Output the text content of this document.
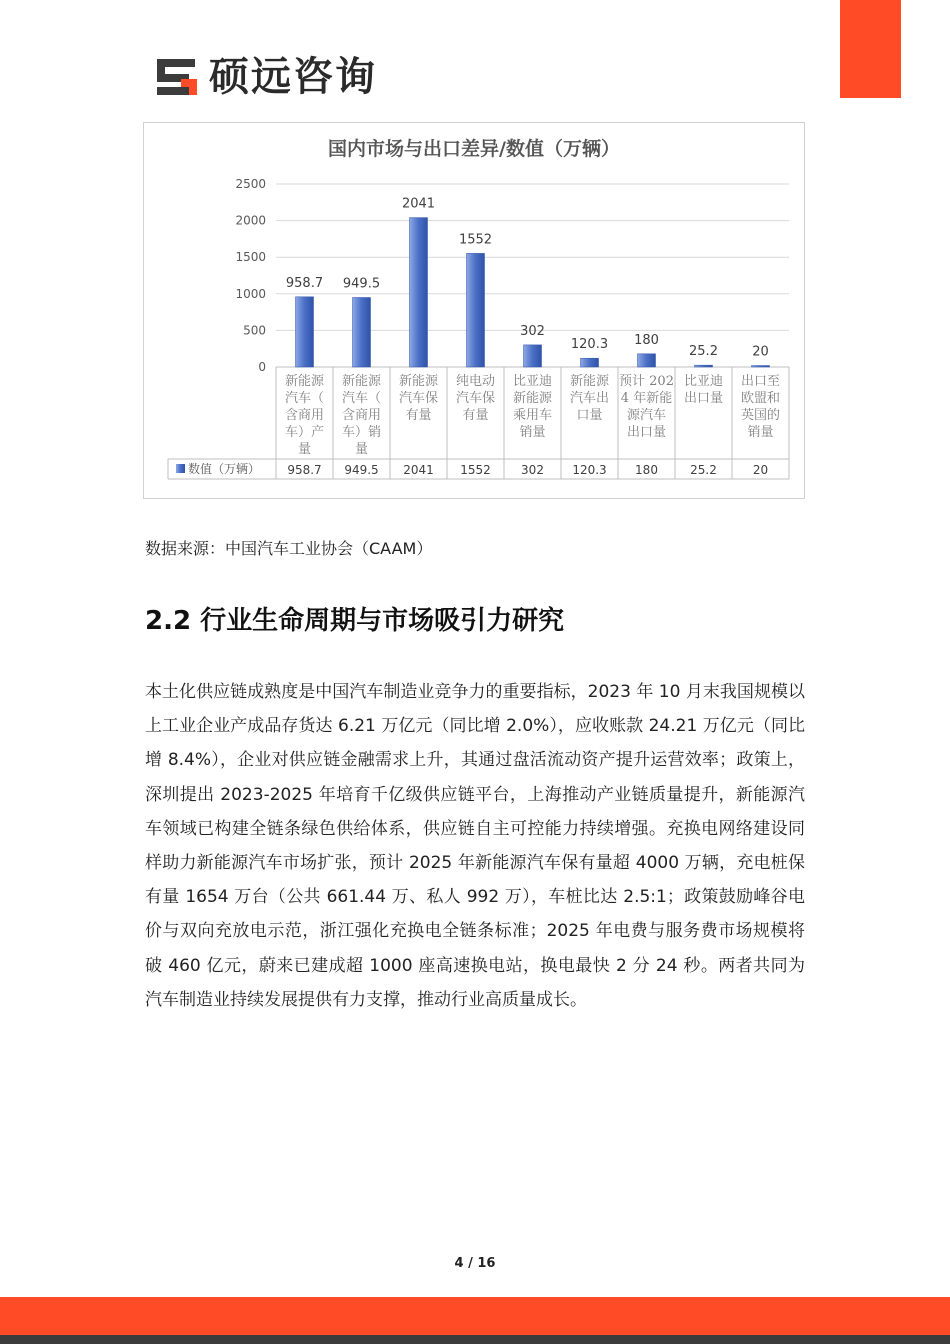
硕远咨询
国内市场与出口差异/数值（万辆）
0
500
1000
1500
2000
2500
数值（万辆）
958.7
新能源
汽车（
含商用
车）产
量
958.7
949.5
新能源
汽车（
含商用
车）销
量
949.5
2041
新能源
汽车保
有量
2041
1552
纯电动
汽车保
有量
1552
302
比亚迪
新能源
乘用车
销量
302
120.3
新能源
汽车出
口量
120.3
180
预计 202
4 年新能
源汽车
出口量
180
25.2
比亚迪
出口量
25.2
20
出口至
欧盟和
英国的
销量
20
数据来源：中国汽车工业协会（CAAM）
2.2 行业生命周期与市场吸引力研究
本土化供应链成熟度是中国汽车制造业竞争力的重要指标，2023 年 10 月末我国规模以上工业企业产成品存货达 6.21 万亿元（同比增 2.0%），应收账款 24.21 万亿元（同比增 8.4%），企业对供应链金融需求上升，其通过盘活流动资产提升运营效率；政策上，深圳提出 2023-2025 年培育千亿级供应链平台，上海推动产业链质量提升，新能源汽车领域已构建全链条绿色供给体系，供应链自主可控能力持续增强。充换电网络建设同样助力新能源汽车市场扩张，预计 2025 年新能源汽车保有量超 4000 万辆，充电桩保有量 1654 万台（公共 661.44 万、私人 992 万），车桩比达 2.5:1；政策鼓励峰谷电价与双向充放电示范，浙江强化充换电全链条标准；2025 年电费与服务费市场规模将破 460 亿元，蔚来已建成超 1000 座高速换电站，换电最快 2 分 24 秒。两者共同为汽车制造业持续发展提供有力支撑，推动行业高质量成长。
4 / 16
